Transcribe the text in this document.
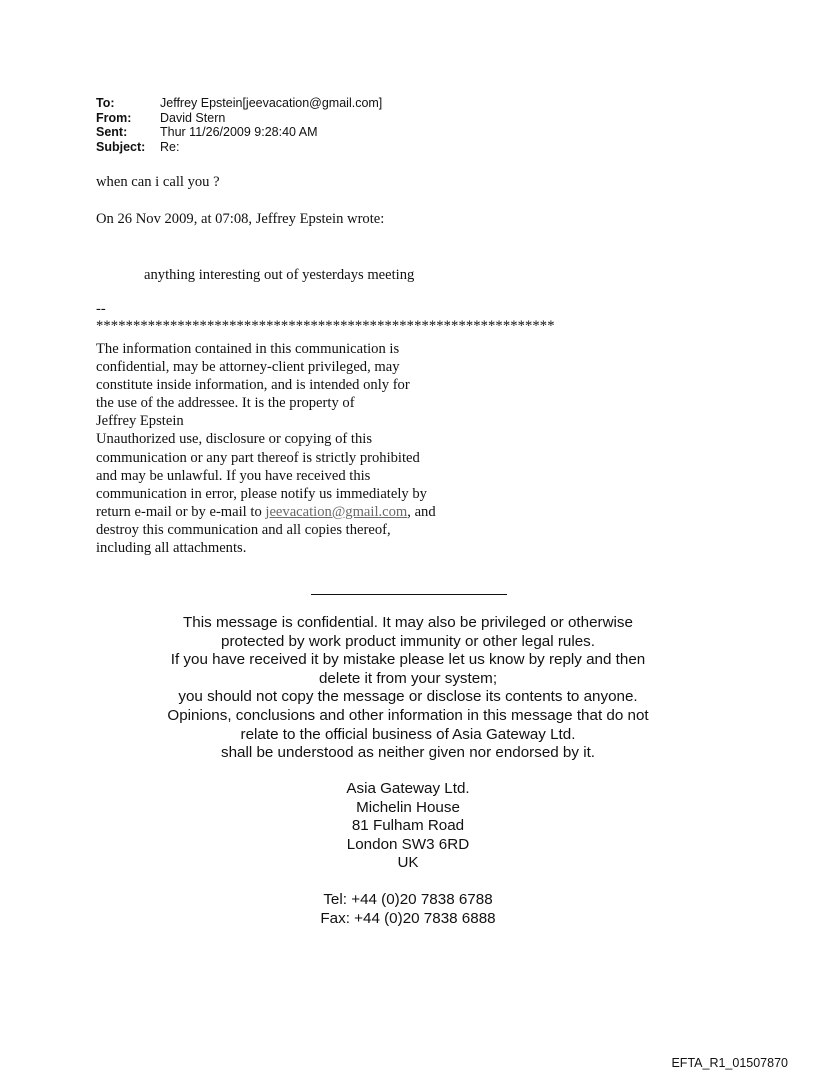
To:	Jeffrey Epstein[jeevacation@gmail.com]
From:	David Stern
Sent:	Thur 11/26/2009 9:28:40 AM
Subject:	Re:
when can i call you ?
On 26 Nov 2009, at 07:08, Jeffrey Epstein wrote:
anything interesting out of yesterdays meeting
--
**************************************************************
The information contained in this communication is
confidential, may be attorney-client privileged, may
constitute inside information, and is intended only for
the use of the addressee. It is the property of
Jeffrey Epstein
Unauthorized use, disclosure or copying of this
communication or any part thereof is strictly prohibited
and may be unlawful. If you have received this
communication in error, please notify us immediately by
return e-mail or by e-mail to jeevacation@gmail.com, and
destroy this communication and all copies thereof,
including all attachments.
This message is confidential. It may also be privileged or otherwise
protected by work product immunity or other legal rules.
If you have received it by mistake please let us know by reply and then
delete it from your system;
you should not copy the message or disclose its contents to anyone.
Opinions, conclusions and other information in this message that do not
relate to the official business of Asia Gateway Ltd.
shall be understood as neither given nor endorsed by it.
Asia Gateway Ltd.
Michelin House
81 Fulham Road
London SW3 6RD
UK
Tel: +44 (0)20 7838 6788
Fax: +44 (0)20 7838 6888
EFTA_R1_01507870
